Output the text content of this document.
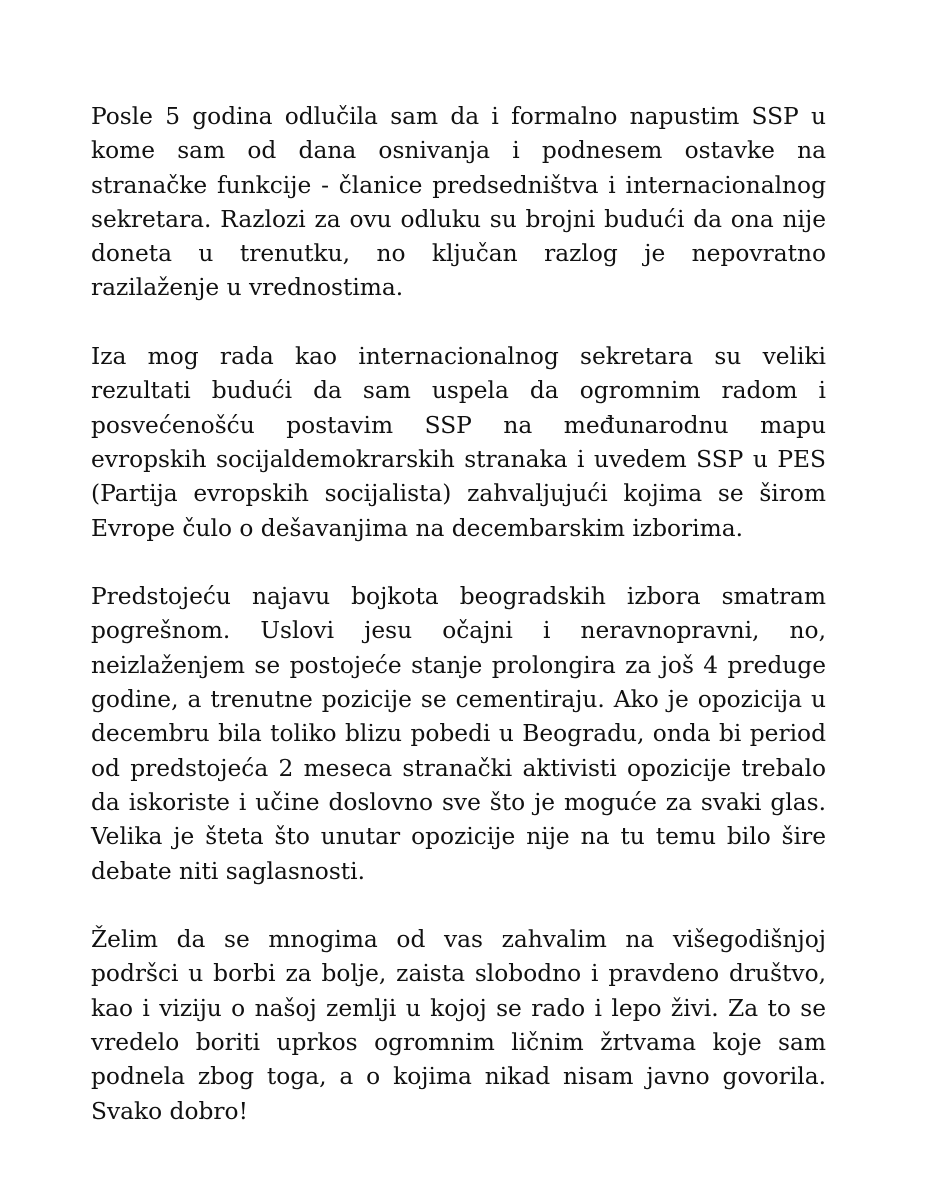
Posle 5 godina odlučila sam da i formalno napustim SSP u kome sam od dana osnivanja i podnesem ostavke na stranačke funkcije - članice predsedništva i internacionalnog sekretara. Razlozi za ovu odluku su brojni budući da ona nije doneta u trenutku, no ključan razlog je nepovratno razilaženje u vrednostima.

Iza mog rada kao internacionalnog sekretara su veliki rezultati budući da sam uspela da ogromnim radom i posvećenošću postavim SSP na međunarodnu mapu evropskih socijaldemokrarskih stranaka i uvedem SSP u PES (Partija evropskih socijalista) zahvaljujući kojima se širom Evrope čulo o dešavanjima na decembarskim izborima.

Predstojeću najavu bojkota beogradskih izbora smatram pogrešnom. Uslovi jesu očajni i neravnopravni, no, neizlaženjem se postojeće stanje prolongira za još 4 preduge godine, a trenutne pozicije se cementiraju. Ako je opozicija u decembru bila toliko blizu pobedi u Beogradu, onda bi period od predstojeća 2 meseca stranački aktivisti opozicije trebalo da iskoriste i učine doslovno sve što je moguće za svaki glas. Velika je šteta što unutar opozicije nije na tu temu bilo šire debate niti saglasnosti.

Želim da se mnogima od vas zahvalim na višegodišnjoj podršci u borbi za bolje, zaista slobodno i pravdeno društvo, kao i viziju o našoj zemlji u kojoj se rado i lepo živi. Za to se vredelo boriti uprkos ogromnim ličnim žrtvama koje sam podnela zbog toga, a o kojima nikad nisam javno govorila. Svako dobro!
